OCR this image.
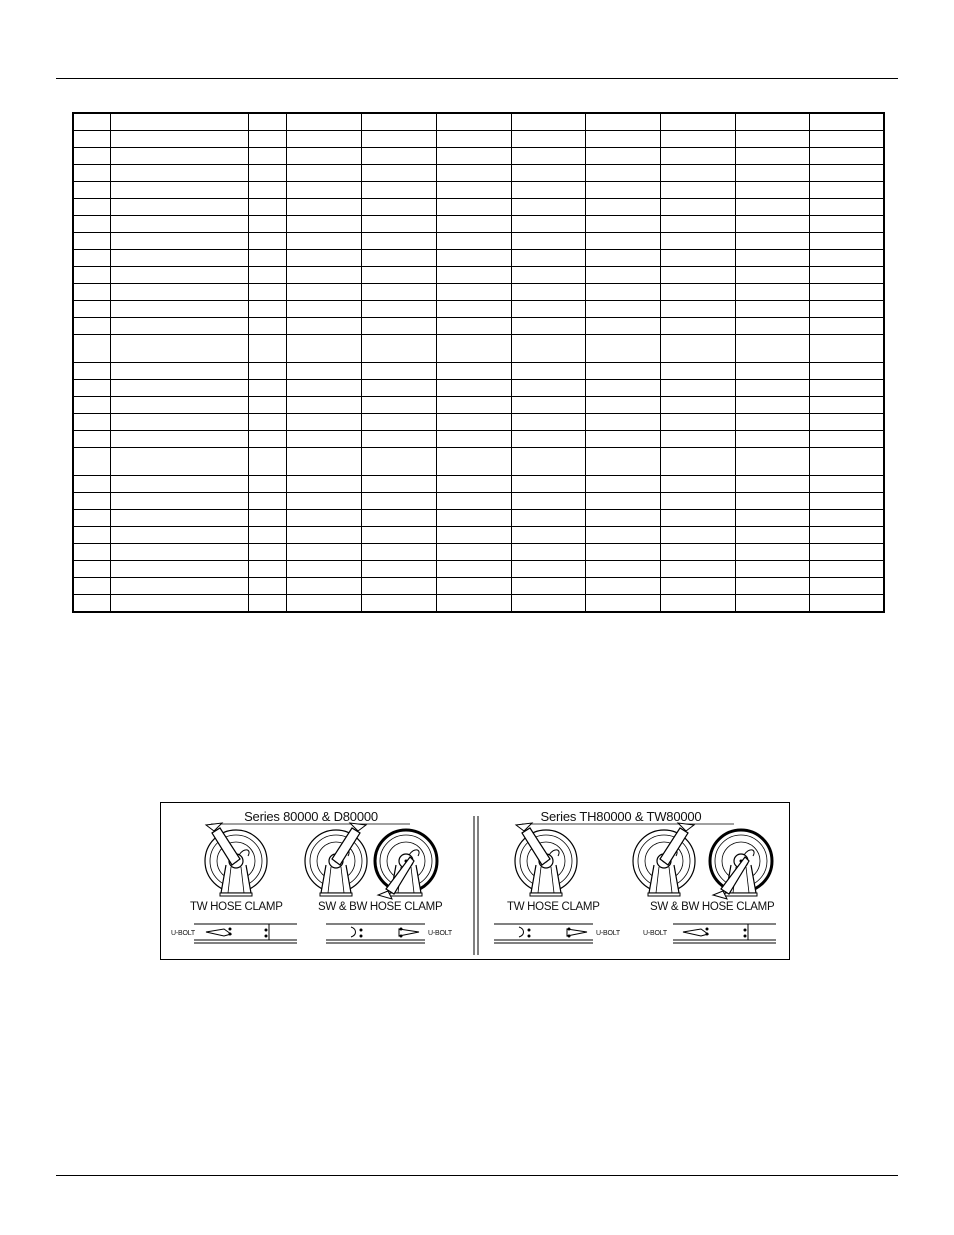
Series 80000 & D80000	Series TH80000 & TW80000
TW HOSE CLAMP	SW & BW HOSE CLAMP	TW HOSE CLAMP	SW & BW HOSE CLAMP
U-BOLT	U-BOLT	U-BOLT	U-BOLT
